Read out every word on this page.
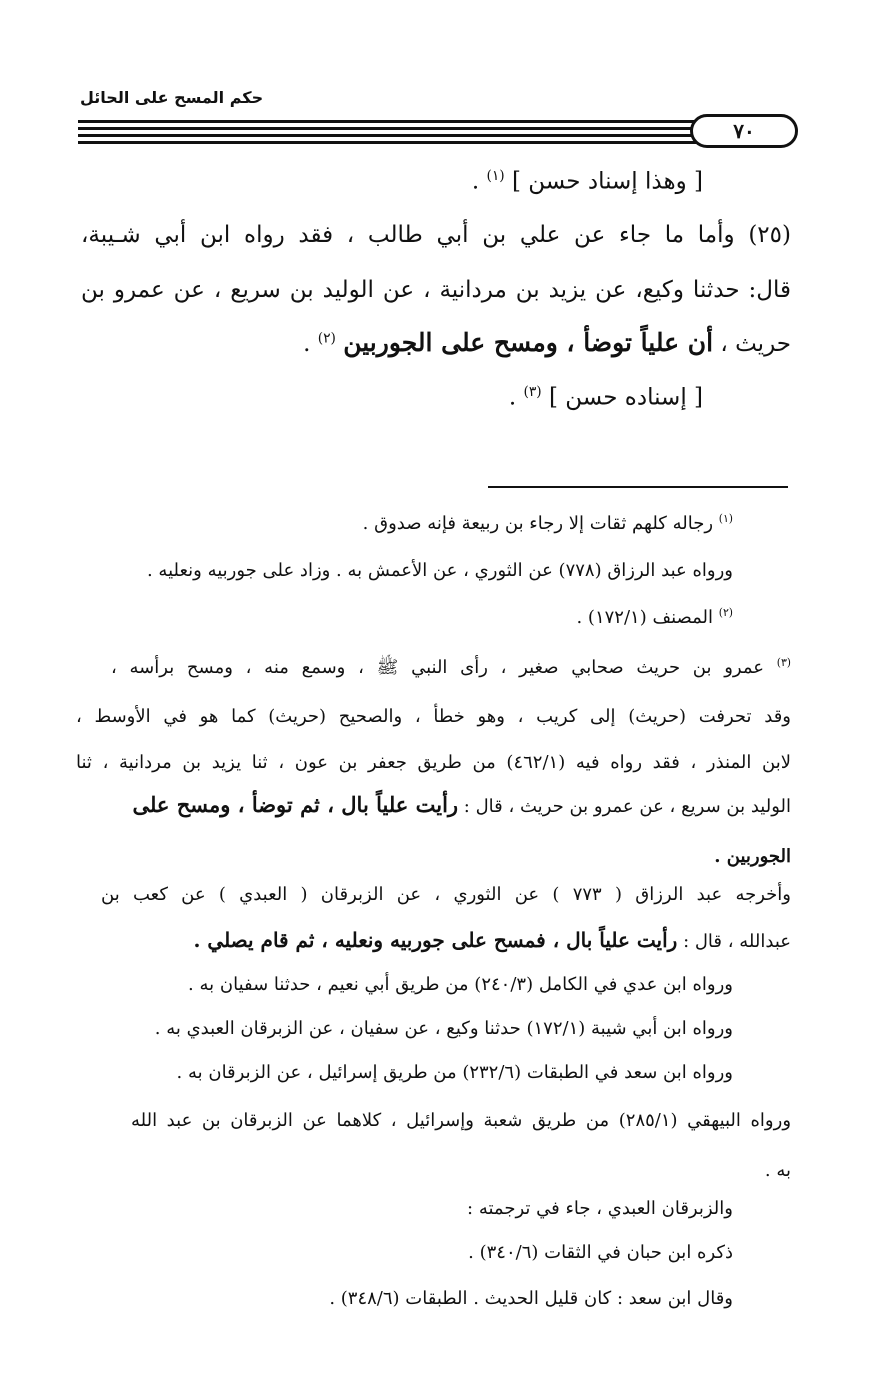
حكم المسح على الحائل
٧٠
[ وهذا إسناد حسن ] $^{(١)}$ .
(٢٥) وأما ما جاء عن علي بن أبي طالب ، فقد رواه ابن أبي شـيبة،
قال: حدثنا وكيع، عن يزيد بن مردانية ، عن الوليد بن سريع ، عن عمرو بن
حريث ، أن علياً توضأ ، ومسح على الجوربين $^{(٢)}$ .
[ إسناده حسن ] $^{(٣)}$ .
$^{(١)}$ رجاله كلهم ثقات إلا رجاء بن ربيعة فإنه صدوق .
ورواه عبد الرزاق (٧٧٨) عن الثوري ، عن الأعمش به . وزاد على جوربيه ونعليه .
$^{(٢)}$ المصنف (١٧٢/١) .
$^{(٣)}$ عمرو بن حريث صحابي صغير ، رأى النبي ﷺ ، وسمع منه ، ومسح برأسه ،
وقد تحرفت (حريث) إلى كريب ، وهو خطأ ، والصحيح (حريث) كما هو في الأوسط ،
لابن المنذر ، فقد رواه فيه (٤٦٢/١) من طريق جعفر بن عون ، ثنا يزيد بن مردانية ، ثنا
الوليد بن سريع ، عن عمرو بن حريث ، قال : رأيت علياً بال ، ثم توضأ ، ومسح على
الجوربين .
وأخرجه عبد الرزاق ( ٧٧٣ ) عن الثوري ، عن الزبرقان ( العبدي ) عن كعب بن
عبدالله ، قال : رأيت علياً بال ، فمسح على جوربيه ونعليه ، ثم قام يصلي .
ورواه ابن عدي في الكامل (٢٤٠/٣) من طريق أبي نعيم ، حدثنا سفيان به .
ورواه ابن أبي شيبة (١٧٢/١) حدثنا وكيع ، عن سفيان ، عن الزبرقان العبدي به .
ورواه ابن سعد في الطبقات (٢٣٢/٦) من طريق إسرائيل ، عن الزبرقان به .
ورواه البيهقي (٢٨٥/١) من طريق شعبة وإسرائيل ، كلاهما عن الزبرقان بن عبد الله
به .
والزبرقان العبدي ، جاء في ترجمته :
ذكره ابن حبان في الثقات (٣٤٠/٦) .
وقال ابن سعد : كان قليل الحديث . الطبقات (٣٤٨/٦) .
